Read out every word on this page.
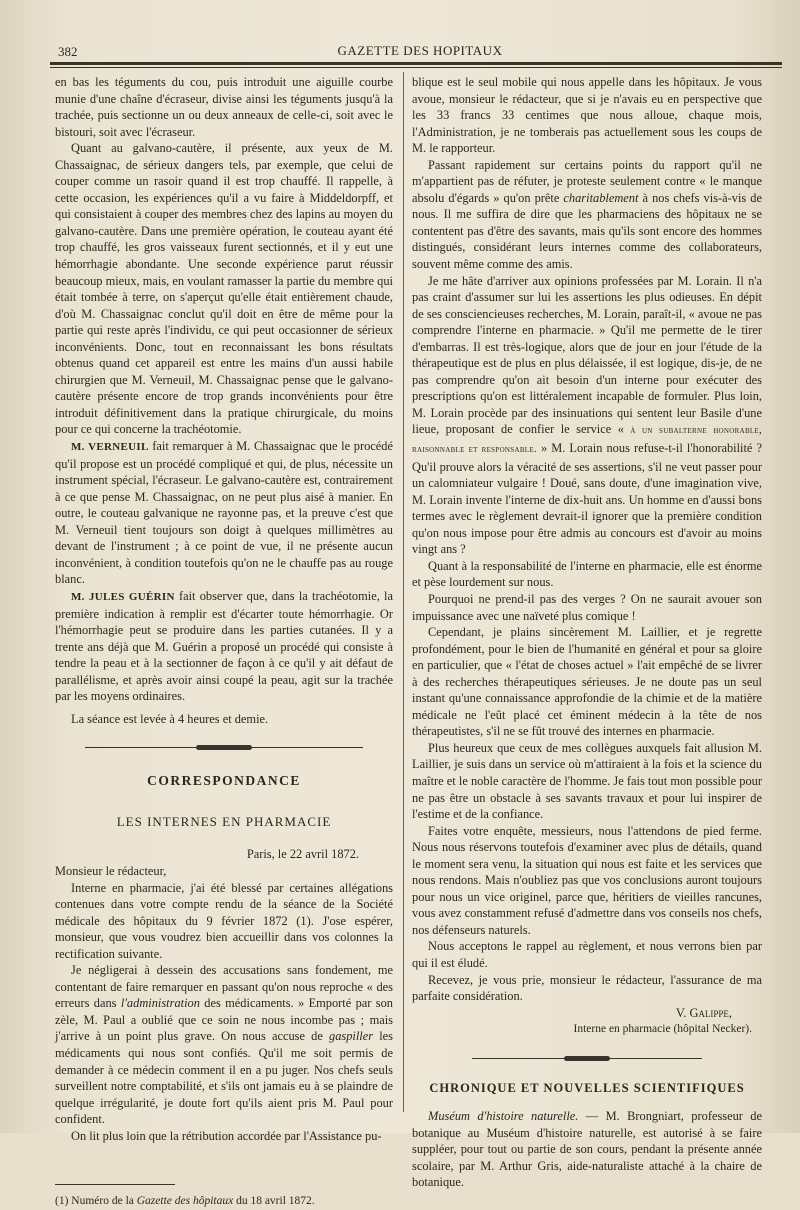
382	GAZETTE DES HOPITAUX

en bas les téguments du cou, puis introduit une aiguille courbe munie d'une chaîne d'écraseur, divise ainsi les téguments jusqu'à la trachée, puis sectionne un ou deux anneaux de celle-ci, soit avec le bistouri, soit avec l'écraseur.

Quant au galvano-cautère, il présente, aux yeux de M. Chassaignac, de sérieux dangers tels, par exemple, que celui de couper comme un rasoir quand il est trop chauffé. Il rappelle, à cette occasion, les expériences qu'il a vu faire à Middeldorpff, et qui consistaient à couper des membres chez des lapins au moyen du galvano-cautère. Dans une première opération, le couteau ayant été trop chauffé, les gros vaisseaux furent sectionnés, et il y eut une hémorrhagie abondante. Une seconde expérience parut réussir beaucoup mieux, mais, en voulant ramasser la partie du membre qui était tombée à terre, on s'aperçut qu'elle était entièrement chaude, d'où M. Chassaignac conclut qu'il doit en être de même pour la partie qui reste après l'individu, ce qui peut occasionner de sérieux inconvénients. Donc, tout en reconnaissant les bons résultats obtenus quand cet appareil est entre les mains d'un aussi habile chirurgien que M. Verneuil, M. Chassaignac pense que le galvano-cautère présente encore de trop grands inconvénients pour être introduit définitivement dans la pratique chirurgicale, du moins pour ce qui concerne la trachéotomie.

M. VERNEUIL fait remarquer à M. Chassaignac que le procédé qu'il propose est un procédé compliqué et qui, de plus, nécessite un instrument spécial, l'écraseur. Le galvano-cautère est, contrairement à ce que pense M. Chassaignac, on ne peut plus aisé à manier. En outre, le couteau galvanique ne rayonne pas, et la preuve c'est que M. Verneuil tient toujours son doigt à quelques millimètres au devant de l'instrument ; à ce point de vue, il ne présente aucun inconvénient, à condition toutefois qu'on ne le chauffe pas au rouge blanc.

M. JULES GUÉRIN fait observer que, dans la trachéotomie, la première indication à remplir est d'écarter toute hémorrhagie. Or l'hémorrhagie peut se produire dans les parties cutanées. Il y a trente ans déjà que M. Guérin a proposé un procédé qui consiste à tendre la peau et à la sectionner de façon à ce qu'il y ait défaut de parallélisme, et après avoir ainsi coupé la peau, agit sur la trachée par les moyens ordinaires.

La séance est levée à 4 heures et demie.

CORRESPONDANCE
LES INTERNES EN PHARMACIE

Paris, le 22 avril 1872.

Monsieur le rédacteur,

Interne en pharmacie, j'ai été blessé par certaines allégations contenues dans votre compte rendu de la séance de la Société médicale des hôpitaux du 9 février 1872 (1). J'ose espérer, monsieur, que vous voudrez bien accueillir dans vos colonnes la rectification suivante.

Je négligerai à dessein des accusations sans fondement, me contentant de faire remarquer en passant qu'on nous reproche « des erreurs dans l'administration des médicaments. » Emporté par son zèle, M. Paul a oublié que ce soin ne nous incombe pas ; mais j'arrive à un point plus grave. On nous accuse de gaspiller les médicaments qui nous sont confiés. Qu'il me soit permis de demander à ce médecin comment il en a pu juger. Nos chefs seuls surveillent notre comptabilité, et s'ils ont jamais eu à se plaindre de quelque irrégularité, je doute fort qu'ils aient pris M. Paul pour confident.

On lit plus loin que la rétribution accordée par l'Assistance pu-

(1) Numéro de la Gazette des hôpitaux du 18 avril 1872.

blique est le seul mobile qui nous appelle dans les hôpitaux. Je vous avoue, monsieur le rédacteur, que si je n'avais eu en perspective que les 33 francs 33 centimes que nous alloue, chaque mois, l'Administration, je ne tomberais pas actuellement sous les coups de M. le rapporteur.

Passant rapidement sur certains points du rapport qu'il ne m'appartient pas de réfuter, je proteste seulement contre « le manque absolu d'égards » qu'on prête charitablement à nos chefs vis-à-vis de nous. Il me suffira de dire que les pharmaciens des hôpitaux ne se contentent pas d'être des savants, mais qu'ils sont encore des hommes distingués, considérant leurs internes comme des collaborateurs, souvent même comme des amis.

Je me hâte d'arriver aux opinions professées par M. Lorain. Il n'a pas craint d'assumer sur lui les assertions les plus odieuses. En dépit de ses consciencieuses recherches, M. Lorain, paraît-il, « avoue ne pas comprendre l'interne en pharmacie. » Qu'il me permette de le tirer d'embarras. Il est très-logique, alors que de jour en jour l'étude de la thérapeutique est de plus en plus délaissée, il est logique, dis-je, de ne pas comprendre qu'on ait besoin d'un interne pour exécuter des prescriptions qu'on est littéralement incapable de formuler. Plus loin, M. Lorain procède par des insinuations qui sentent leur Basile d'une lieue, proposant de confier le service « à un subalterne honorable, raisonnable et responsable. » M. Lorain nous refuse-t-il l'honorabilité ? Qu'il prouve alors la véracité de ses assertions, s'il ne veut passer pour un calomniateur vulgaire ! Doué, sans doute, d'une imagination vive, M. Lorain invente l'interne de dix-huit ans. Un homme en d'aussi bons termes avec le règlement devrait-il ignorer que la première condition qu'on nous impose pour être admis au concours est d'avoir au moins vingt ans ?

Quant à la responsabilité de l'interne en pharmacie, elle est énorme et pèse lourdement sur nous.

Pourquoi ne prend-il pas des verges ? On ne saurait avouer son impuissance avec une naïveté plus comique !

Cependant, je plains sincèrement M. Laillier, et je regrette profondément, pour le bien de l'humanité en général et pour sa gloire en particulier, que « l'état de choses actuel » l'ait empêché de se livrer à des recherches thérapeutiques sérieuses. Je ne doute pas un seul instant qu'une connaissance approfondie de la chimie et de la matière médicale ne l'eût placé cet éminent médecin à la tête de nos thérapeutistes, s'il ne se fût trouvé des internes en pharmacie.

Plus heureux que ceux de mes collègues auxquels fait allusion M. Laillier, je suis dans un service où m'attiraient à la fois et la science du maître et le noble caractère de l'homme. Je fais tout mon possible pour ne pas être un obstacle à ses savants travaux et pour lui inspirer de l'estime et de la confiance.

Faites votre enquête, messieurs, nous l'attendons de pied ferme. Nous nous réservons toutefois d'examiner avec plus de détails, quand le moment sera venu, la situation qui nous est faite et les services que nous rendons. Mais n'oubliez pas que vos conclusions auront toujours pour nous un vice originel, parce que, héritiers de vieilles rancunes, vous avez constamment refusé d'admettre dans vos conseils nos chefs, nos défenseurs naturels.

Nous acceptons le rappel au règlement, et nous verrons bien par qui il est éludé.

Recevez, je vous prie, monsieur le rédacteur, l'assurance de ma parfaite considération.

V. Galippe,

Interne en pharmacie (hôpital Necker).

CHRONIQUE ET NOUVELLES SCIENTIFIQUES

Muséum d'histoire naturelle. — M. Brongniart, professeur de botanique au Muséum d'histoire naturelle, est autorisé à se faire suppléer, pour tout ou partie de son cours, pendant la présente année scolaire, par M. Arthur Gris, aide-naturaliste attaché à la chaire de botanique.
